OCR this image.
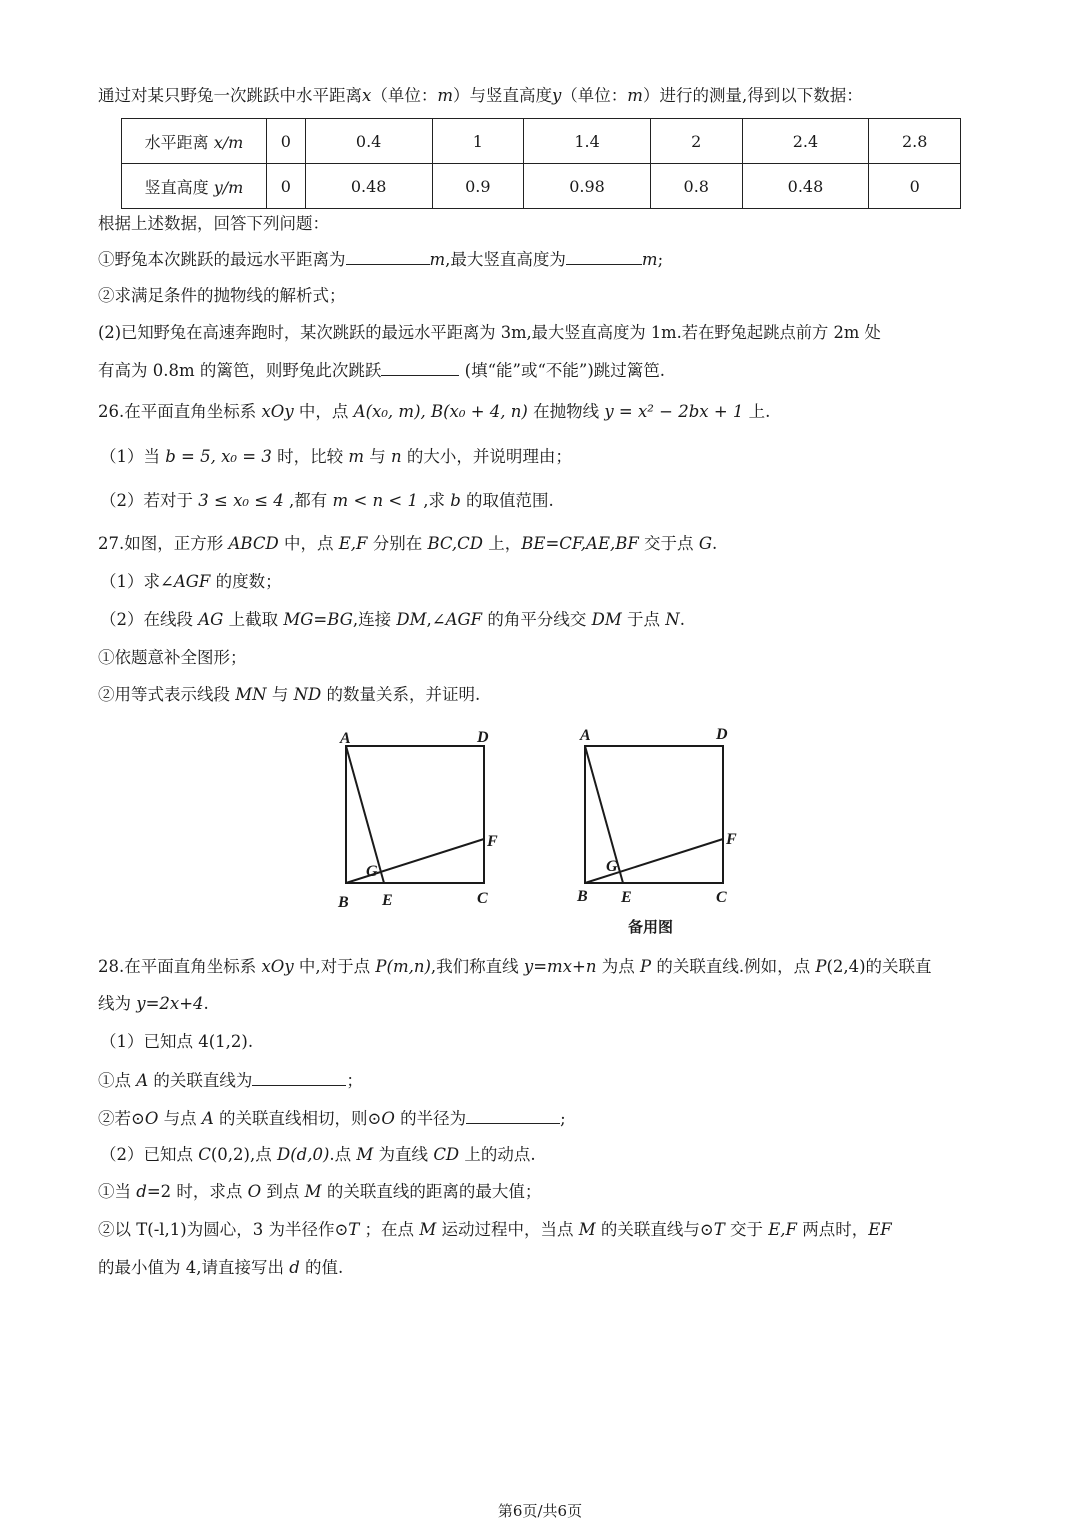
通过对某只野兔一次跳跃中水平距离x（单位：m）与竖直高度y（单位：m）进行的测量,得到以下数据：
水平距离 x/m	0	0.4	1	1.4	2	2.4	2.8
竖直高度 y/m	0	0.48	0.9	0.98	0.8	0.48	0
根据上述数据，回答下列问题：
①野兔本次跳跃的最远水平距离为	m,最大竖直高度为	m;
②求满足条件的抛物线的解析式；
(2)已知野兔在高速奔跑时，某次跳跃的最远水平距离为 3m,最大竖直高度为 1m.若在野兔起跳点前方 2m 处
有高为 0.8m 的篱笆，则野兔此次跳跃	(填“能”或“不能”)跳过篱笆.
26.在平面直角坐标系 xOy 中，点 A(x₀, m), B(x₀ + 4, n) 在抛物线 y = x² − 2bx + 1 上.
（1）当 b = 5, x₀ = 3 时，比较 m 与 n 的大小，并说明理由；
（2）若对于 3 ≤ x₀ ≤ 4 ,都有 m < n < 1 ,求 b 的取值范围.
27.如图，正方形 ABCD 中，点 E,F 分别在 BC,CD 上，BE=CF,AE,BF 交于点 G.
（1）求∠AGF 的度数；
（2）在线段 AG 上截取 MG=BG,连接 DM,∠AGF 的角平分线交 DM 于点 N.
①依题意补全图形；
②用等式表示线段 MN 与 ND 的数量关系，并证明.
A	D
F
G
B E	C
A	D
F
G
B E	C
备用图
28.在平面直角坐标系 xOy 中,对于点 P(m,n),我们称直线 y=mx+n 为点 P 的关联直线.例如，点 P(2,4)的关联直
线为 y=2x+4.
（1）已知点 4(1,2).
①点 A 的关联直线为	；
②若⊙O 与点 A 的关联直线相切，则⊙O 的半径为	;
（2）已知点 C(0,2),点 D(d,0).点 M 为直线 CD 上的动点.
①当 d=2 时，求点 O 到点 M 的关联直线的距离的最大值；
②以 T(-l,1)为圆心，3 为半径作⊙T ；在点 M 运动过程中，当点 M 的关联直线与⊙T 交于 E,F 两点时，EF
的最小值为 4,请直接写出 d 的值.
第6页/共6页
